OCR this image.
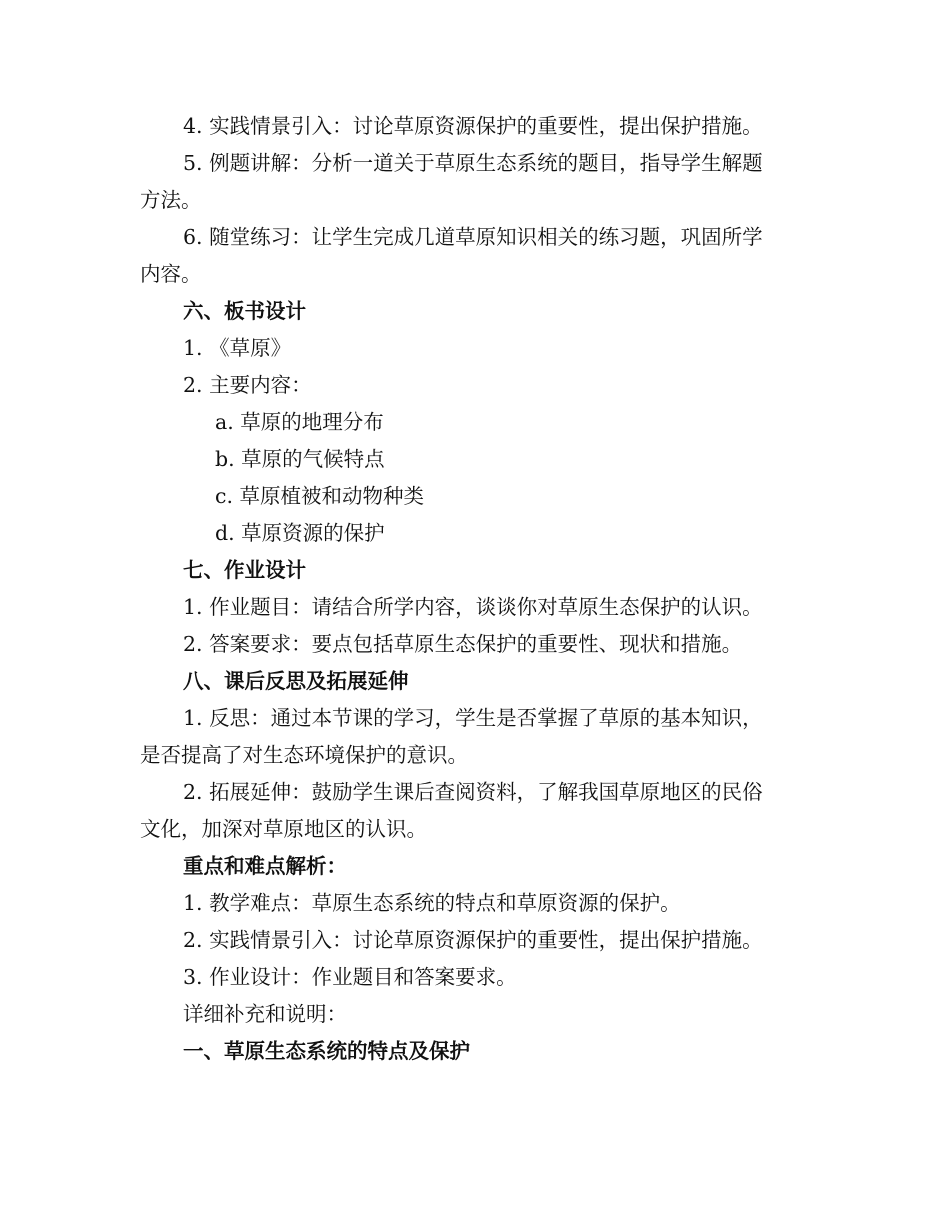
4. 实践情景引入：讨论草原资源保护的重要性，提出保护措施。
5. 例题讲解：分析一道关于草原生态系统的题目，指导学生解题
方法。
6. 随堂练习：让学生完成几道草原知识相关的练习题，巩固所学
内容。
六、板书设计
1. 《草原》
2. 主要内容：
a. 草原的地理分布
b. 草原的气候特点
c. 草原植被和动物种类
d. 草原资源的保护
七、作业设计
1. 作业题目：请结合所学内容，谈谈你对草原生态保护的认识。
2. 答案要求：要点包括草原生态保护的重要性、现状和措施。
八、课后反思及拓展延伸
1. 反思：通过本节课的学习，学生是否掌握了草原的基本知识，
是否提高了对生态环境保护的意识。
2. 拓展延伸：鼓励学生课后查阅资料，了解我国草原地区的民俗
文化，加深对草原地区的认识。
重点和难点解析：
1. 教学难点：草原生态系统的特点和草原资源的保护。
2. 实践情景引入：讨论草原资源保护的重要性，提出保护措施。
3. 作业设计：作业题目和答案要求。
详细补充和说明：
一、草原生态系统的特点及保护
